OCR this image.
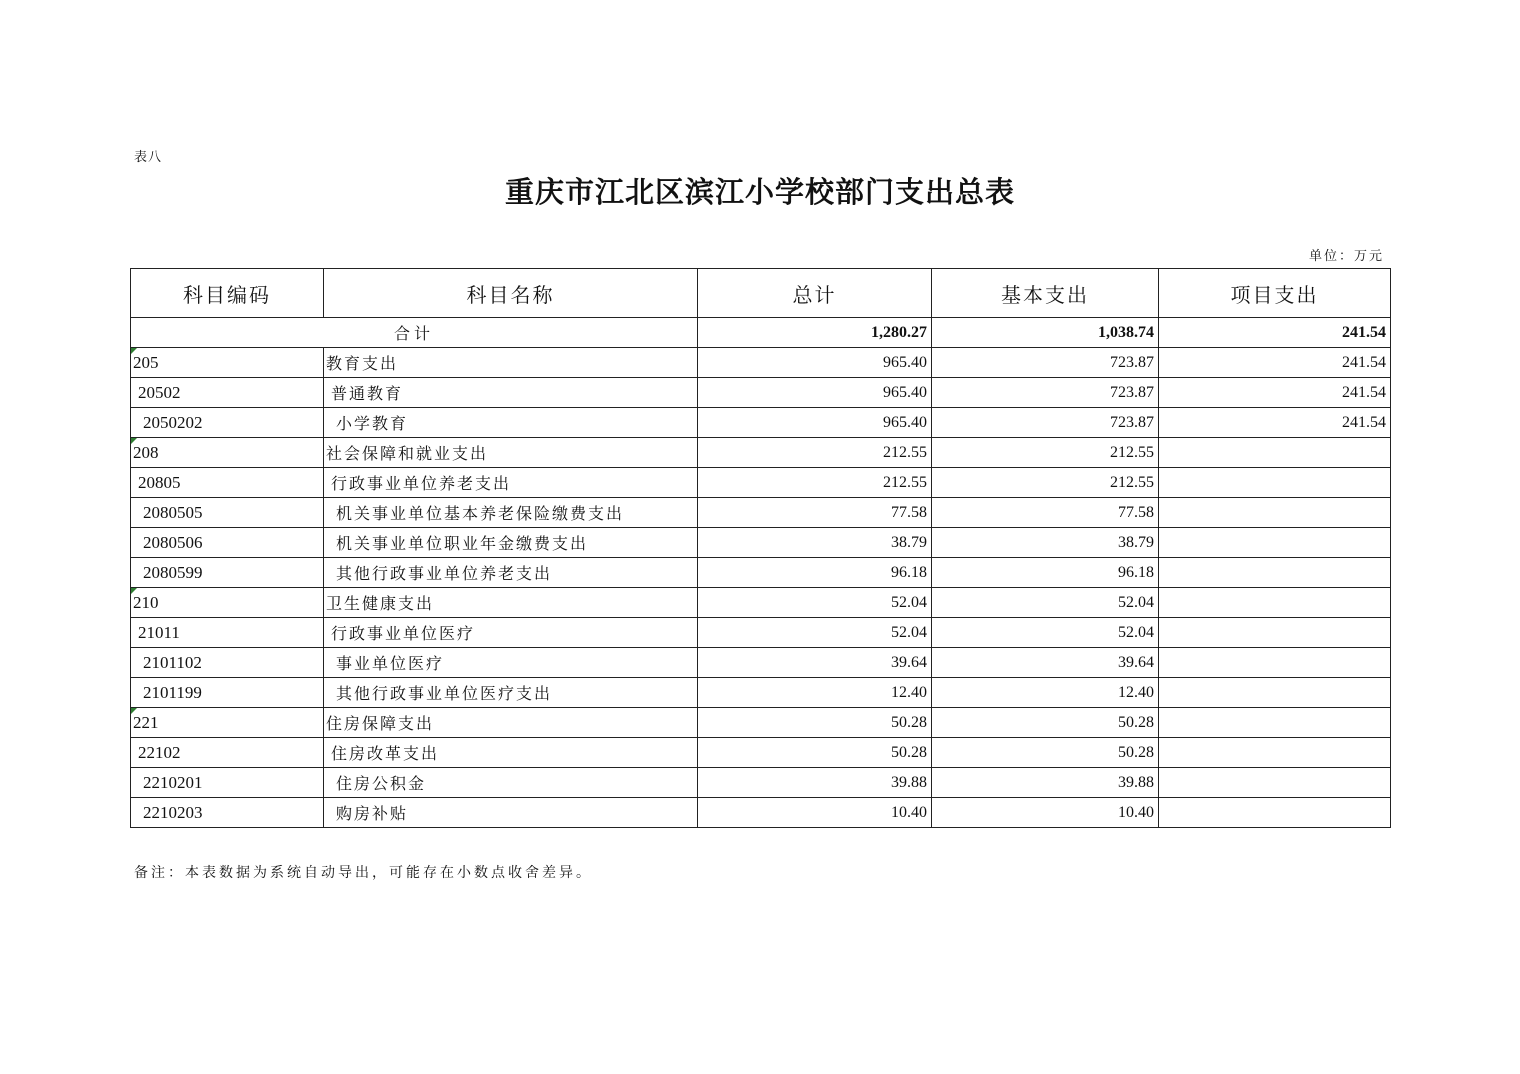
表八
重庆市江北区滨江小学校部门支出总表
单位：万元
科目编码	科目名称	总计	基本支出	项目支出
合计		1,280.27	1,038.74	241.54

205	教育支出	965.40	723.87	241.54
20502	普通教育	965.40	723.87	241.54
2050202	小学教育	965.40	723.87	241.54

208	社会保障和就业支出	212.55	212.55	
20805	行政事业单位养老支出	212.55	212.55	
2080505	机关事业单位基本养老保险缴费支出	77.58	77.58	
2080506	机关事业单位职业年金缴费支出	38.79	38.79	
2080599	其他行政事业单位养老支出	96.18	96.18	

210	卫生健康支出	52.04	52.04	
21011	行政事业单位医疗	52.04	52.04	
2101102	事业单位医疗	39.64	39.64	
2101199	其他行政事业单位医疗支出	12.40	12.40	

221	住房保障支出	50.28	50.28	
22102	住房改革支出	50.28	50.28	
2210201	住房公积金	39.88	39.88	
2210203	购房补贴	10.40	10.40	
备注：本表数据为系统自动导出，可能存在小数点收舍差异。
